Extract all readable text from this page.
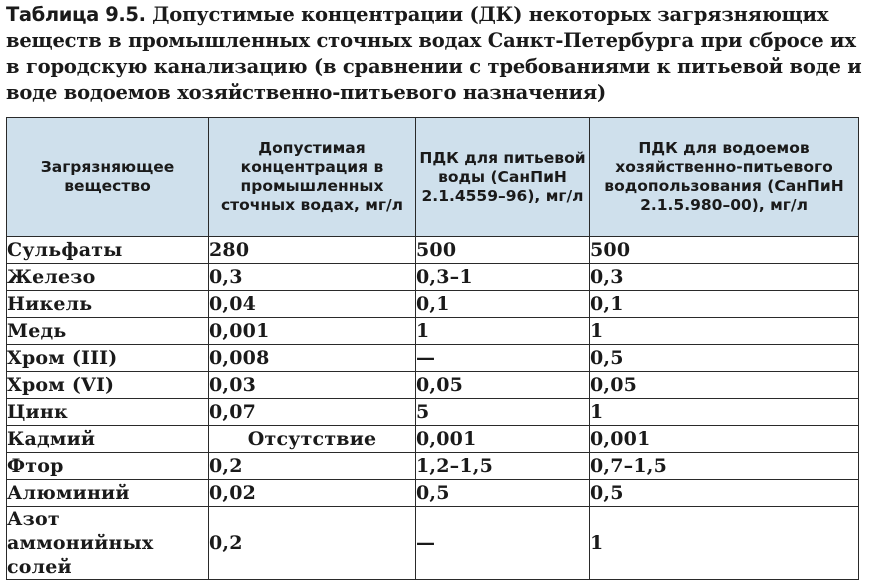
Таблица 9.5. Допустимые концентрации (ДК) некоторых загрязняющих веществ в промышленных сточных водах Санкт-Петербурга при сбросе их в городскую канализацию (в сравнении с требованиями к питьевой воде и воде водоемов хозяйственно-питьевого назначения)
Загрязняющее вещество	Допустимая концентрация в промышленных сточных водах, мг/л	ПДК для питьевой воды (СанПиН 2.1.4559–96), мг/л	ПДК для водоемов хозяйственно-питьевого водопользования (СанПиН 2.1.5.980–00), мг/л
Сульфаты	280	500	500
Железо	0,3	0,3–1	0,3
Никель	0,04	0,1	0,1
Медь	0,001	1	1
Хром (III)	0,008	—	0,5
Хром (VI)	0,03	0,05	0,05
Цинк	0,07	5	1
Кадмий	Отсутствие	0,001	0,001
Фтор	0,2	1,2–1,5	0,7–1,5
Алюминий	0,02	0,5	0,5
Азот аммонийных солей	0,2	—	1
